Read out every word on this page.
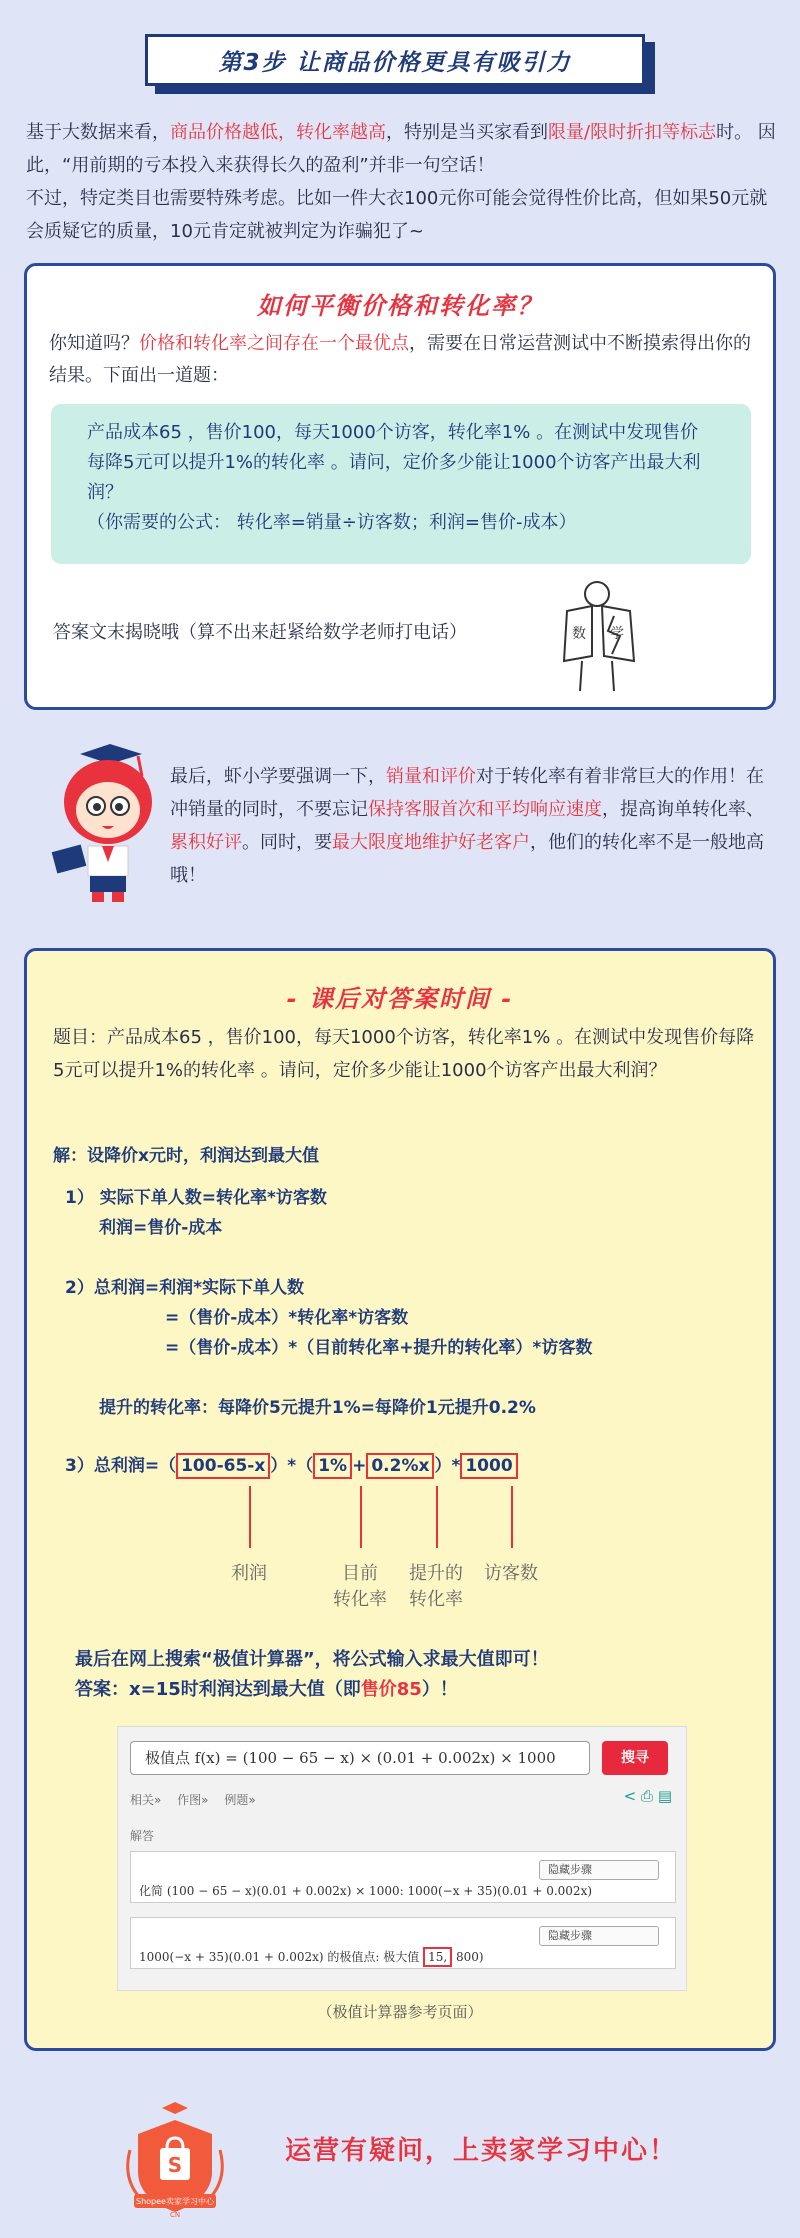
第3步 让商品价格更具有吸引力

基于大数据来看，商品价格越低，转化率越高，特别是当买家看到限量/限时折扣等标志时。 因此，“用前期的亏本投入来获得长久的盈利”并非一句空话！

不过，特定类目也需要特殊考虑。比如一件大衣100元你可能会觉得性价比高，但如果50元就会质疑它的质量，10元肯定就被判定为诈骗犯了~

如何平衡价格和转化率？
你知道吗？价格和转化率之间存在一个最优点，需要在日常运营测试中不断摸索得出你的结果。下面出一道题：

产品成本65 ，售价100，每天1000个访客，转化率1% 。在测试中发现售价每降5元可以提升1%的转化率 。请问，定价多少能让1000个访客产出最大利润？

（你需要的公式： 转化率=销量÷访客数；利润=售价-成本）

答案文末揭晓哦（算不出来赶紧给数学老师打电话）	数 学
最后，虾小学要强调一下，销量和评价对于转化率有着非常巨大的作用！在冲销量的同时，不要忘记保持客服首次和平均响应速度，提高询单转化率、累积好评。同时，要最大限度地维护好老客户，他们的转化率不是一般地高哦！
- 课后对答案时间 -
题目：产品成本65 ，售价100，每天1000个访客，转化率1% 。在测试中发现售价每降5元可以提升1%的转化率 。请问，定价多少能让1000个访客产出最大利润？
解：设降价x元时，利润达到最大值
1） 实际下单人数=转化率*访客数
利润=售价-成本
2）总利润=利润*实际下单人数
=（售价-成本）*转化率*访客数
=（售价-成本）*（目前转化率+提升的转化率）*访客数
提升的转化率：每降价5元提升1%=每降价1元提升0.2%
3）总利润=（ 100-65-x ）*（ 1% + 0.2%x ）* 1000
利润	目前
转化率
提升的
转化率
访客数
最后在网上搜索“极值计算器”，将公式输入求最大值即可！
答案：x=15时利润达到最大值（即售价85）！
极值点 f(x) = (100 − 65 − x) × (0.01 + 0.002x) × 1000	搜寻
相关» 作图» 例题»	< ⎙ ▤
解答
隐藏步骤
化简 (100 − 65 − x)(0.01 + 0.002x) × 1000: 1000(−x + 35)(0.01 + 0.002x)
隐藏步骤
1000(−x + 35)(0.01 + 0.002x) 的极值点: 极大值 15, 800)
（极值计算器参考页面）
S
Shopee卖家学习中心
CN
运营有疑问，上卖家学习中心！
